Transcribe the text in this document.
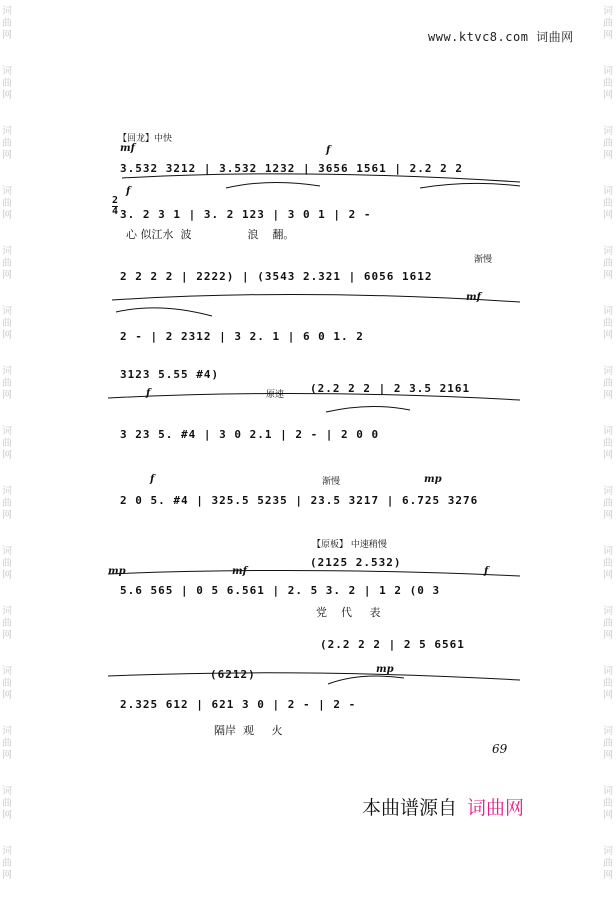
词
曲
网
词
曲
网
词
曲
网
词
曲
网
词
曲
网
词
曲
网
词
曲
网
词
曲
网
词
曲
网
词
曲
网
词
曲
网
词
曲
网
词
曲
网
词
曲
网
词
曲
网
词
曲
网
词
曲
网
词
曲
网
词
曲
网
词
曲
网
词
曲
网
词
曲
网
词
曲
网
词
曲
网
词
曲
网
词
曲
网
词
曲
网
词
曲
网
词
曲
网
词
曲
网
www.ktvc8.com 词曲网
【回龙】中快
mf	f
f
3.532 3212 | 3.532 1232 | 3656 1561 | 2.2 2 2
3. 2 3 1 | 3. 2 123 | 3 0 1 | 2 -
心 似江水  波                浪    翻。
渐慢
mf
2 2 2 2 | 2222) | (3543 2.321 | 6056 1612
2 - | 2 2312 | 3 2. 1 | 6 0 1. 2
原速
f
3123 5.55 #4)
(2.2 2 2 | 2 3.5 2161
3 23 5. #4 | 3 0 2.1 | 2 - | 2 0 0
渐慢
f	mp
2 0 5. #4 | 325.5 5235 | 23.5 3217 | 6.725 3276
【原板】 中速稍慢
mp	mf	f
(2125 2.532)
5.6 565 | 0 5 6.561 | 2. 5 3. 2 | 1 2 (0 3
党    代     表
mp
(2.2 2 2 | 2 5 6561
(6212)
2.325 612 | 621 3 0 | 2 - | 2 -
隔岸  观     火
2
4
69
本曲谱源自 词曲网
